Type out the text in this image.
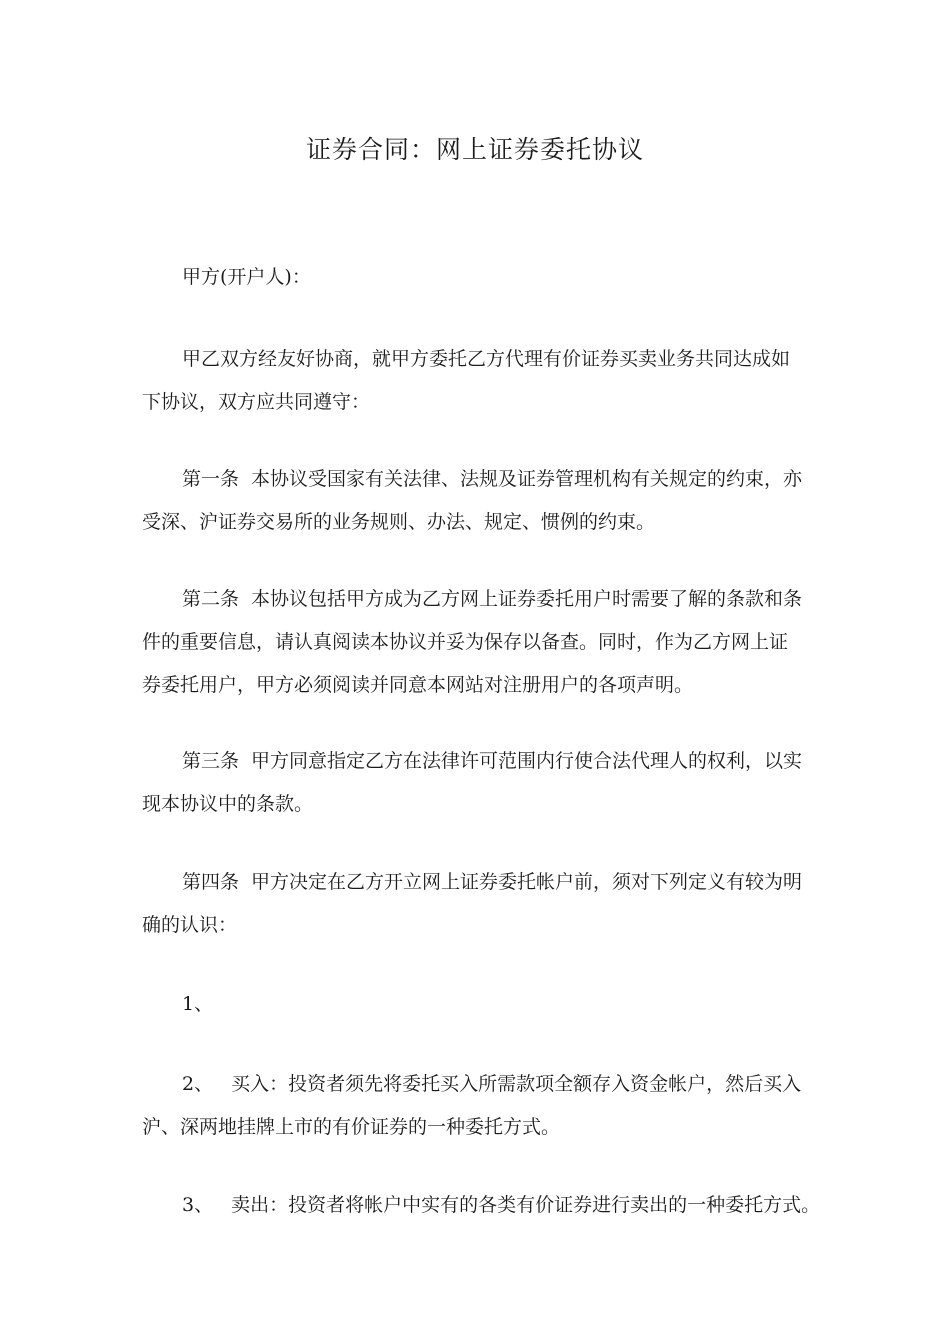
证券合同：网上证券委托协议
甲方(开户人)：
甲乙双方经友好协商，就甲方委托乙方代理有价证券买卖业务共同达成如
下协议，双方应共同遵守：
第一条 本协议受国家有关法律、法规及证券管理机构有关规定的约束，亦
受深、沪证券交易所的业务规则、办法、规定、惯例的约束。
第二条 本协议包括甲方成为乙方网上证券委托用户时需要了解的条款和条
件的重要信息，请认真阅读本协议并妥为保存以备查。同时，作为乙方网上证
券委托用户，甲方必须阅读并同意本网站对注册用户的各项声明。
第三条 甲方同意指定乙方在法律许可范围内行使合法代理人的权利，以实
现本协议中的条款。
第四条 甲方决定在乙方开立网上证券委托帐户前，须对下列定义有较为明
确的认识：
1、
2、 买入：投资者须先将委托买入所需款项全额存入资金帐户，然后买入
沪、深两地挂牌上市的有价证券的一种委托方式。
3、 卖出：投资者将帐户中实有的各类有价证券进行卖出的一种委托方式。
